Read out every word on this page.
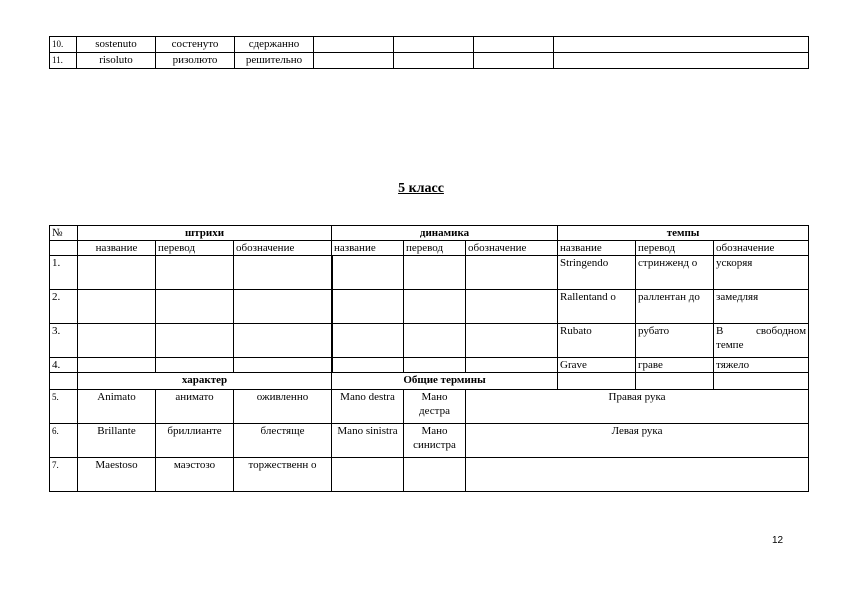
10.	sostenuto	состенуто	сдержанно				
11.	risoluto	ризолюто	решительно				
5 класс
№	штрихи			динамика			темпы		
	название	перевод	обозначение	название	перевод	обозначение	название	перевод	обозначение
1.							Stringendo	стринженд о	ускоряя
2.							Rallentand о	раллентан до	замедляя
3.							Rubato	рубато	В свободном темпе
4.							Grave	граве	тяжело
	характер			Общие термины					
5.	Animato	анимато	оживленно	Mano destra	Мано дестра	Правая рука			
6.	Brillante	бриллианте	блестяще	Mano sinistra	Мано синистра	Левая рука			
7.	Maestoso	маэстозо	торжественн о						
12
